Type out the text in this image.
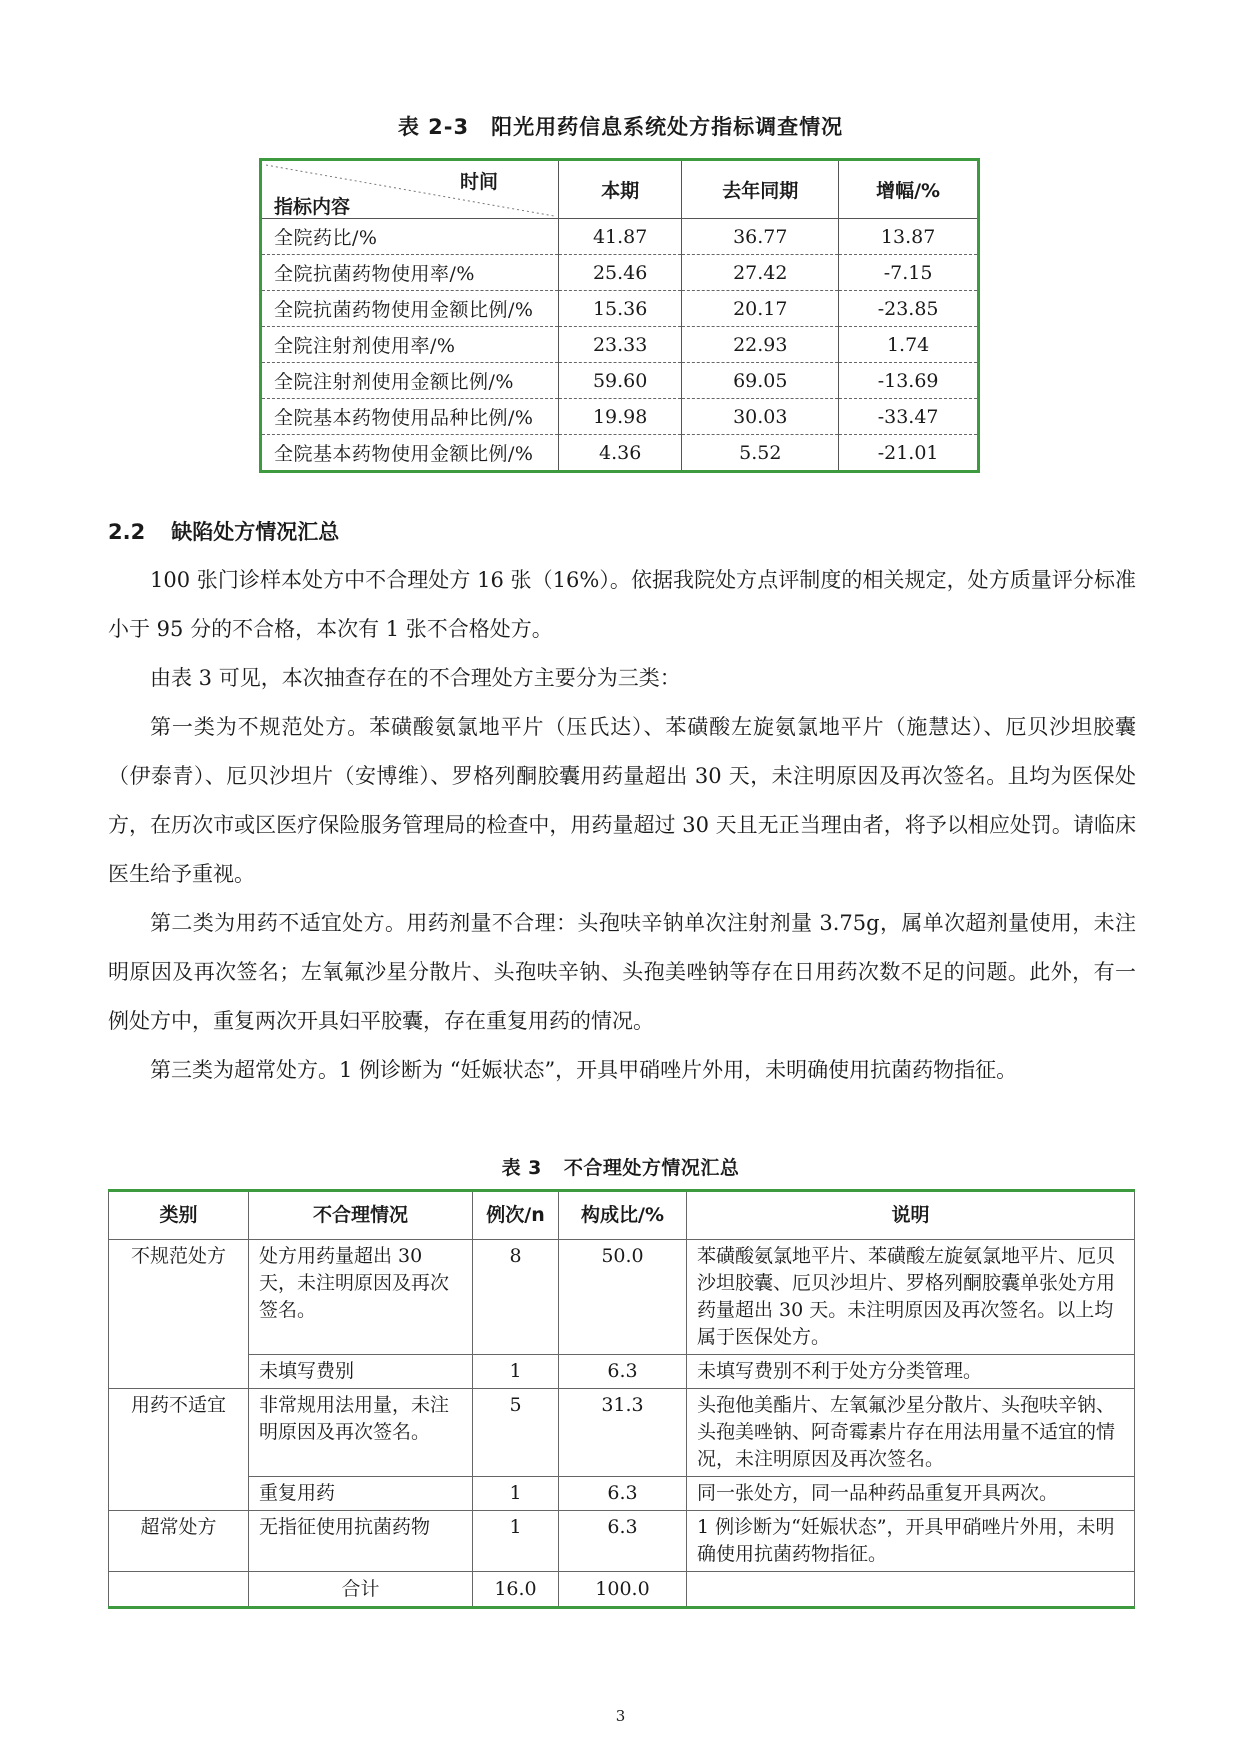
表 2-3 阳光用药信息系统处方指标调查情况
时间
指标内容	本期	去年同期	增幅/%
全院药比/%	41.87	36.77	13.87
全院抗菌药物使用率/%	25.46	27.42	-7.15
全院抗菌药物使用金额比例/%	15.36	20.17	-23.85
全院注射剂使用率/%	23.33	22.93	1.74
全院注射剂使用金额比例/%	59.60	69.05	-13.69
全院基本药物使用品种比例/%	19.98	30.03	-33.47
全院基本药物使用金额比例/%	4.36	5.52	-21.01
2.2 缺陷处方情况汇总

100 张门诊样本处方中不合理处方 16 张（16%）。依据我院处方点评制度的相关规定，处方质量评分标准小于 95 分的不合格，本次有 1 张不合格处方。

由表 3 可见，本次抽查存在的不合理处方主要分为三类：

第一类为不规范处方。苯磺酸氨氯地平片（压氏达）、苯磺酸左旋氨氯地平片（施慧达）、厄贝沙坦胶囊（伊泰青）、厄贝沙坦片（安博维）、罗格列酮胶囊用药量超出 30 天，未注明原因及再次签名。且均为医保处方，在历次市或区医疗保险服务管理局的检查中，用药量超过 30 天且无正当理由者，将予以相应处罚。请临床医生给予重视。

第二类为用药不适宜处方。用药剂量不合理：头孢呋辛钠单次注射剂量 3.75g，属单次超剂量使用，未注明原因及再次签名；左氧氟沙星分散片、头孢呋辛钠、头孢美唑钠等存在日用药次数不足的问题。此外，有一例处方中，重复两次开具妇平胶囊，存在重复用药的情况。

第三类为超常处方。1 例诊断为 “妊娠状态”，开具甲硝唑片外用，未明确使用抗菌药物指征。

表 3 不合理处方情况汇总
类别	不合理情况	例次/n	构成比/%	说明
不规范处方	处方用药量超出 30 天，未注明原因及再次签名。	8	50.0	苯磺酸氨氯地平片、苯磺酸左旋氨氯地平片、厄贝沙坦胶囊、厄贝沙坦片、罗格列酮胶囊单张处方用药量超出 30 天。未注明原因及再次签名。以上均属于医保处方。
	未填写费别	1	6.3	未填写费别不利于处方分类管理。
用药不适宜	非常规用法用量，未注明原因及再次签名。	5	31.3	头孢他美酯片、左氧氟沙星分散片、头孢呋辛钠、头孢美唑钠、阿奇霉素片存在用法用量不适宜的情况，未注明原因及再次签名。
	重复用药	1	6.3	同一张处方，同一品种药品重复开具两次。
超常处方	无指征使用抗菌药物	1	6.3	1 例诊断为“妊娠状态”，开具甲硝唑片外用，未明确使用抗菌药物指征。
	合计	16.0	100.0	
3
